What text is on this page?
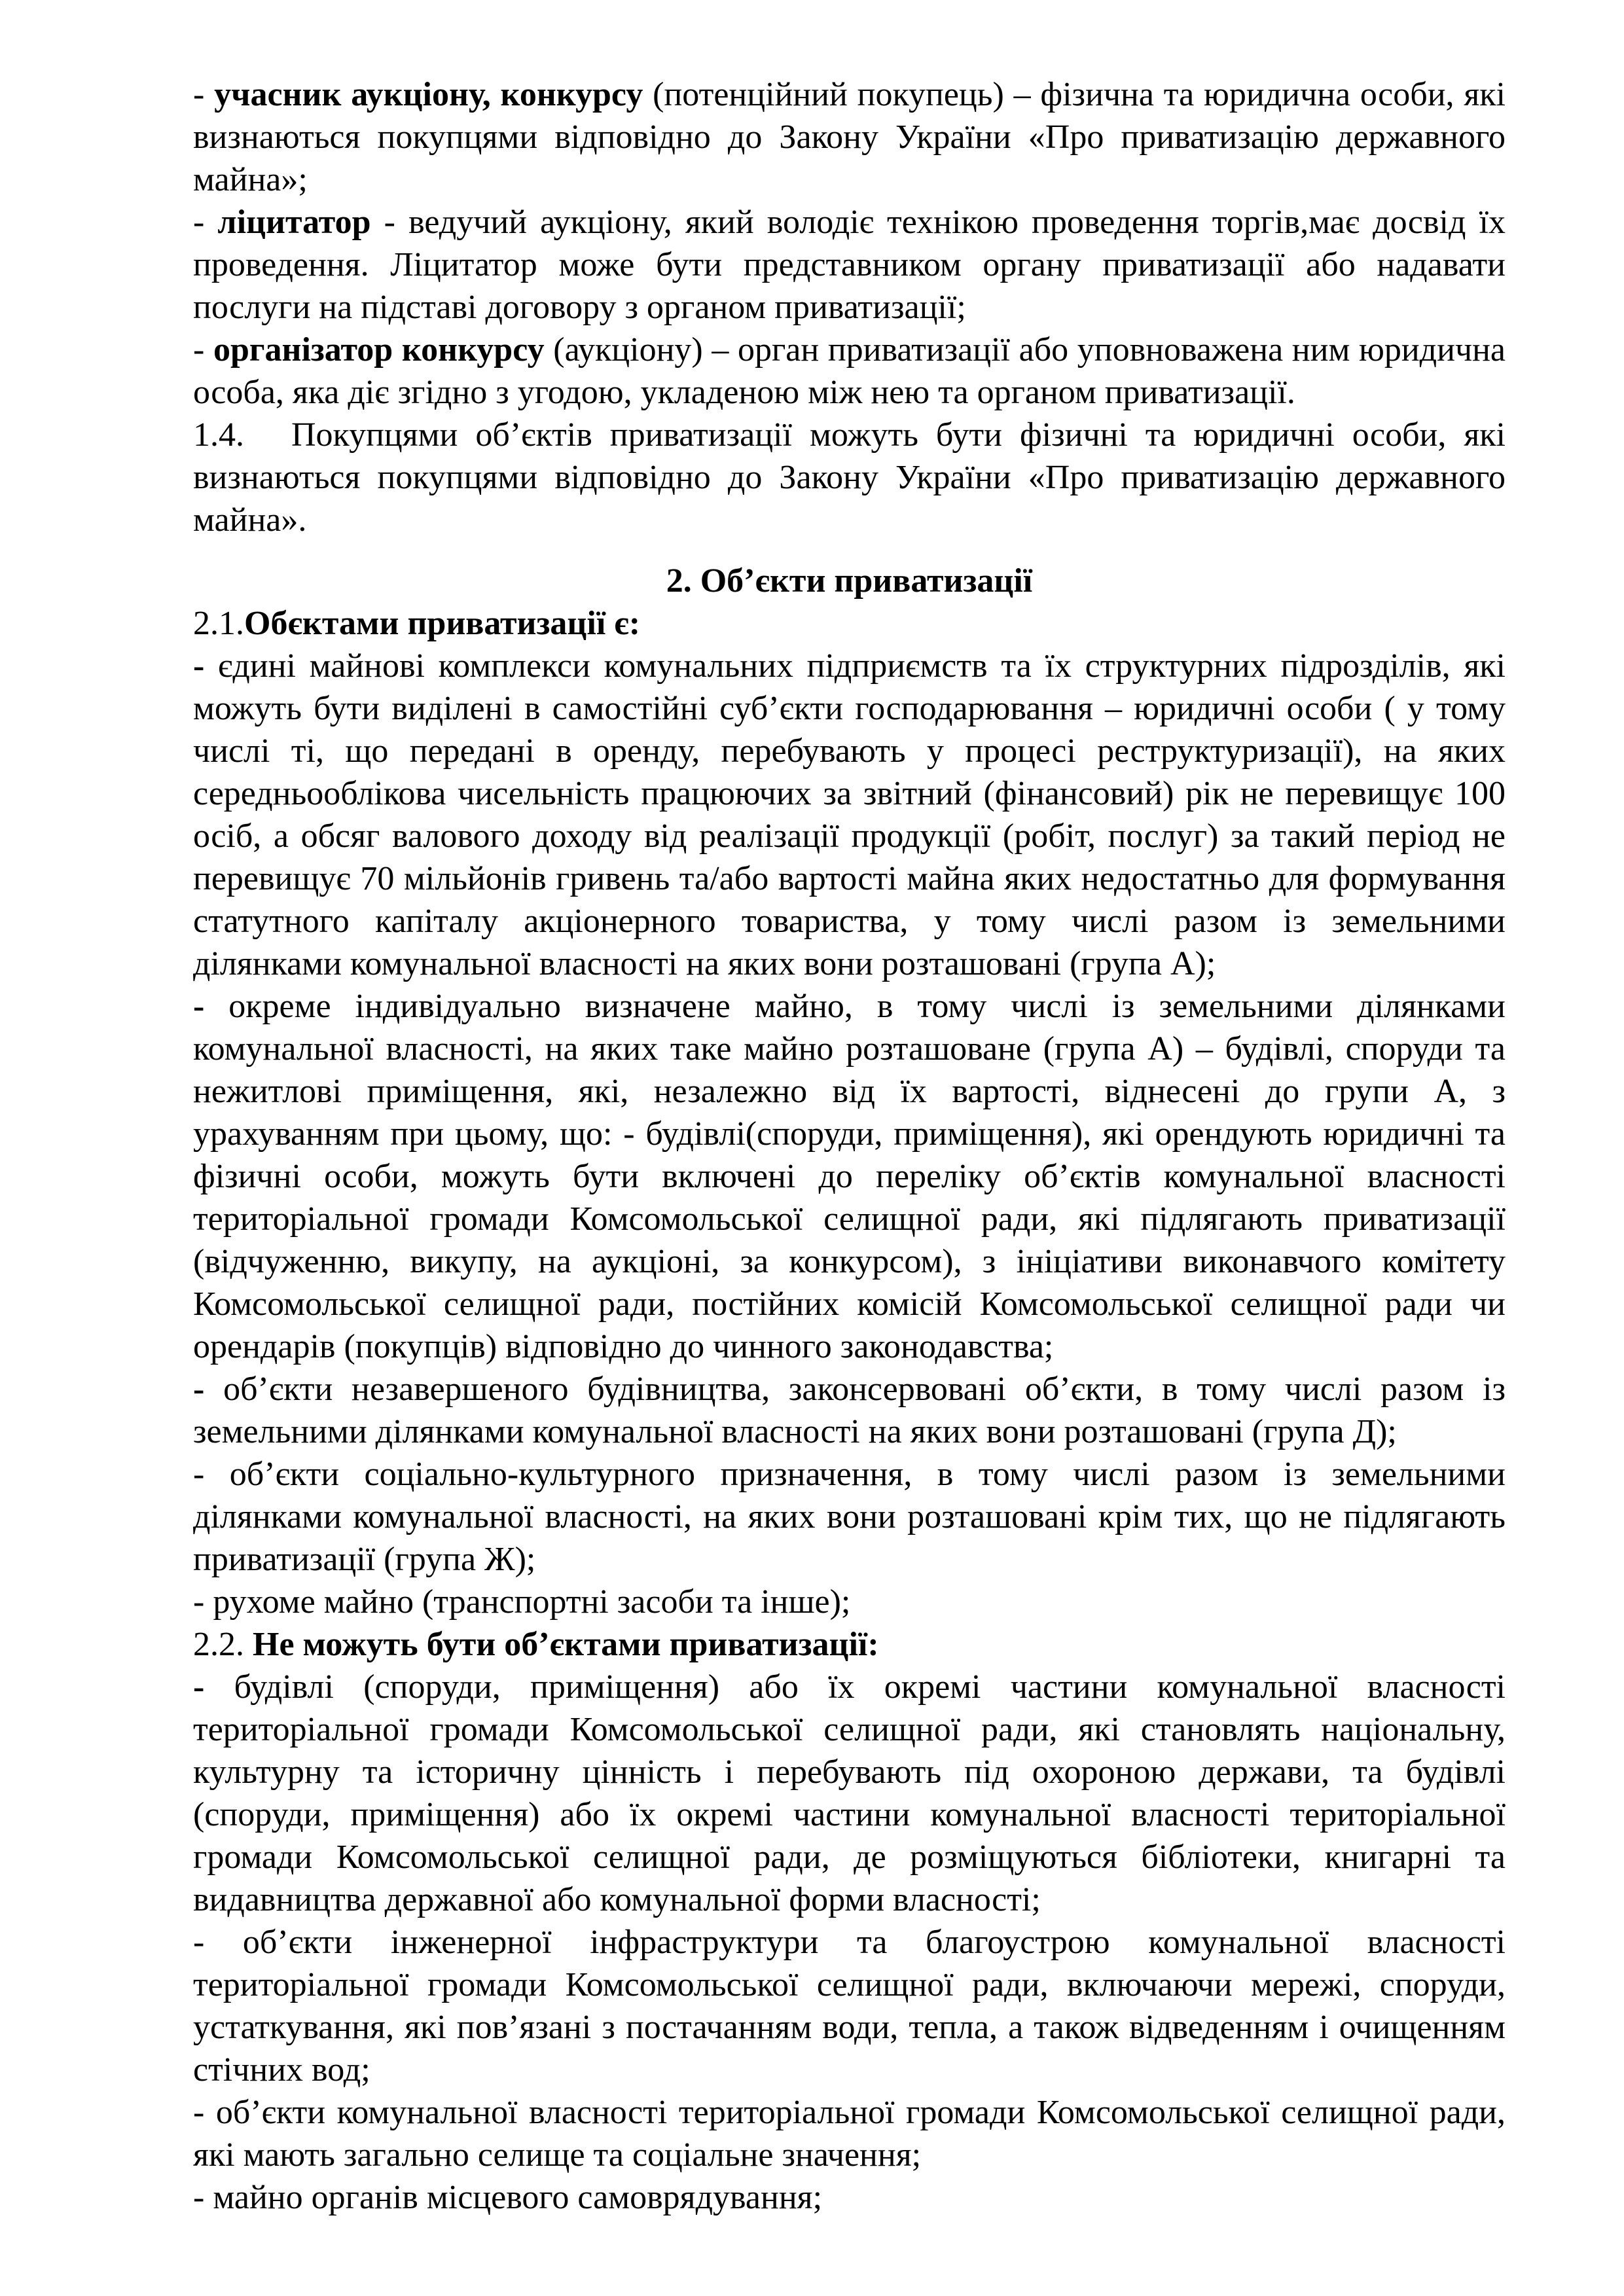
- учасник аукціону, конкурсу (потенційний покупець) – фізична та юридична особи, які визнаються покупцями відповідно до Закону України «Про приватизацію державного майна»;

- ліцитатор - ведучий аукціону, який володіє технікою проведення торгів,має досвід їх проведення. Ліцитатор може бути представником органу приватизації або надавати послуги на підставі договору з органом приватизації;

- організатор конкурсу (аукціону) – орган приватизації або уповноважена ним юридична особа, яка діє згідно з угодою, укладеною між нею та органом приватизації.

1.4. Покупцями об’єктів приватизації можуть бути фізичні та юридичні особи, які визнаються покупцями відповідно до Закону України «Про приватизацію державного майна».

2. Об’єкти приватизації

2.1.Обєктами приватизації є:

- єдині майнові комплекси комунальних підприємств та їх структурних підрозділів, які можуть бути виділені в самостійні суб’єкти господарювання – юридичні особи ( у тому числі ті, що передані в оренду, перебувають у процесі реструктуризації), на яких середньооблікова чисельність працюючих за звітний (фінансовий) рік не перевищує 100 осіб, а обсяг валового доходу від реалізації продукції (робіт, послуг) за такий період не перевищує 70 мільйонів гривень та/або вартості майна яких недостатньо для формування статутного капіталу акціонерного товариства, у тому числі разом із земельними ділянками комунальної власності на яких вони розташовані (група А);

- окреме індивідуально визначене майно, в тому числі із земельними ділянками комунальної власності, на яких таке майно розташоване (група А) – будівлі, споруди та нежитлові приміщення, які, незалежно від їх вартості, віднесені до групи А, з урахуванням при цьому, що: - будівлі(споруди, приміщення), які орендують юридичні та фізичні особи, можуть бути включені до переліку об’єктів комунальної власності територіальної громади Комсомольської селищної ради, які підлягають приватизації (відчуженню, викупу, на аукціоні, за конкурсом), з ініціативи виконавчого комітету Комсомольської селищної ради, постійних комісій Комсомольської селищної ради чи орендарів (покупців) відповідно до чинного законодавства;

- об’єкти незавершеного будівництва, законсервовані об’єкти, в тому числі разом із земельними ділянками комунальної власності на яких вони розташовані (група Д);

- об’єкти соціально-культурного призначення, в тому числі разом із земельними ділянками комунальної власності, на яких вони розташовані крім тих, що не підлягають приватизації (група Ж);

- рухоме майно (транспортні засоби та інше);

2.2. Не можуть бути об’єктами приватизації:

- будівлі (споруди, приміщення) або їх окремі частини комунальної власності територіальної громади Комсомольської селищної ради, які становлять національну, культурну та історичну цінність і перебувають під охороною держави, та будівлі (споруди, приміщення) або їх окремі частини комунальної власності територіальної громади Комсомольської селищної ради, де розміщуються бібліотеки, книгарні та видавництва державної або комунальної форми власності;

- об’єкти інженерної інфраструктури та благоустрою комунальної власності територіальної громади Комсомольської селищної ради, включаючи мережі, споруди, устаткування, які пов’язані з постачанням води, тепла, а також відведенням і очищенням стічних вод;

- об’єкти комунальної власності територіальної громади Комсомольської селищної ради, які мають загально селище та соціальне значення;

- майно органів місцевого самоврядування;
